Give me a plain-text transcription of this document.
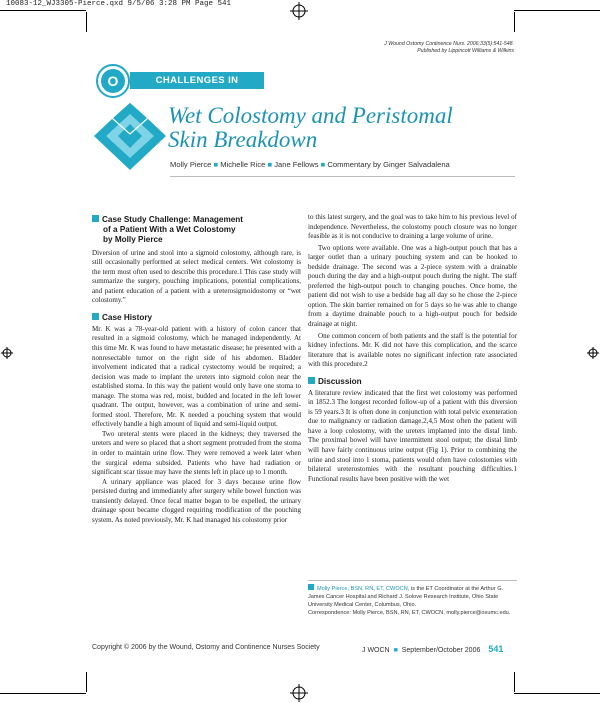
10083-12_WJ3305-Pierce.qxd 9/5/06 3:28 PM Page 541
J Wound Ostomy Continence Nurs. 2006;33(5):541-548.
Published by Lippincott Williams & Wilkins
O	CHALLENGES IN PRACTICE
Wet Colostomy and Peristomal
Skin Breakdown
Molly Pierce ■ Michelle Rice ■ Jane Fellows ■ Commentary by Ginger Salvadalena
Case Study Challenge: Management
of a Patient With a Wet Colostomy
by Molly Pierce

Diversion of urine and stool into a sigmoid colostomy, although rare, is still occasionally performed at select medical centers. Wet colostomy is the term most often used to describe this procedure.1 This case study will summarize the surgery, pouching implications, potential complications, and patient education of a patient with a ureterosigmoidostomy or “wet colostomy.”

Case History

Mr. K was a 78-year-old patient with a history of colon cancer that resulted in a sigmoid colostomy, which he managed independently. At this time Mr. K was found to have metastatic disease; he presented with a nonresectable tumor on the right side of his abdomen. Bladder involvement indicated that a radical cystectomy would be required; a decision was made to implant the ureters into sigmoid colon near the established stoma. In this way the patient would only have one stoma to manage. The stoma was red, moist, budded and located in the left lower quadrant. The output, however, was a combination of urine and semi-formed stool. Therefore, Mr. K needed a pouching system that would effectively handle a high amount of liquid and semi-liquid output.

Two ureteral stents were placed in the kidneys; they traversed the ureters and were so placed that a short segment protruded from the stoma in order to maintain urine flow. They were removed a week later when the surgical edema subsided. Patients who have had radiation or significant scar tissue may have the stents left in place up to 1 month.

A urinary appliance was placed for 3 days because urine flow persisted during and immediately after surgery while bowel function was transiently delayed. Once fecal matter began to be expelled, the urinary drainage spout became clogged requiring modification of the pouching system. As noted previously, Mr. K had managed his colostomy prior

to this latest surgery, and the goal was to take him to his previous level of independence. Nevertheless, the colostomy pouch closure was no longer feasible as it is not conducive to draining a large volume of urine.

Two options were available. One was a high-output pouch that has a larger outlet than a urinary pouching system and can be hooked to bedside drainage. The second was a 2-piece system with a drainable pouch during the day and a high-output pouch during the night. The staff preferred the high-output pouch to changing pouches. Once home, the patient did not wish to use a bedside bag all day so he chose the 2-piece option. The skin barrier remained on for 5 days so he was able to change from a daytime drainable pouch to a high-output pouch for bedside drainage at night.

One common concern of both patients and the staff is the potential for kidney infections. Mr. K did not have this complication, and the scarce literature that is available notes no significant infection rate associated with this procedure.2

Discussion

A literature review indicated that the first wet colostomy was performed in 1852.3 The longest recorded follow-up of a patient with this diversion is 59 years.3 It is often done in conjunction with total pelvic exenteration due to malignancy or radiation damage.2,4,5 Most often the patient will have a loop colostomy, with the ureters implanted into the distal limb. The proximal bowel will have intermittent stool output; the distal limb will have fairly continuous urine output (Fig 1). Prior to combining the urine and stool into 1 stoma, patients would often have colostomies with bilateral ureterostomies with the resultant pouching difficulties.1 Functional results have been positive with the wet

Molly Pierce, BSN, RN, ET, CWOCN, is the ET Coordinator at the Arthur G. James Cancer Hospital and Richard J. Solove Research Institute, Ohio State University Medical Center, Columbus, Ohio.
Correspondence: Molly Pierce, BSN, RN, ET, CWOCN, molly.pierce@osumc.edu.
Copyright © 2006 by the Wound, Ostomy and Continence Nurses Society	J WOCN ■ September/October 2006 541
